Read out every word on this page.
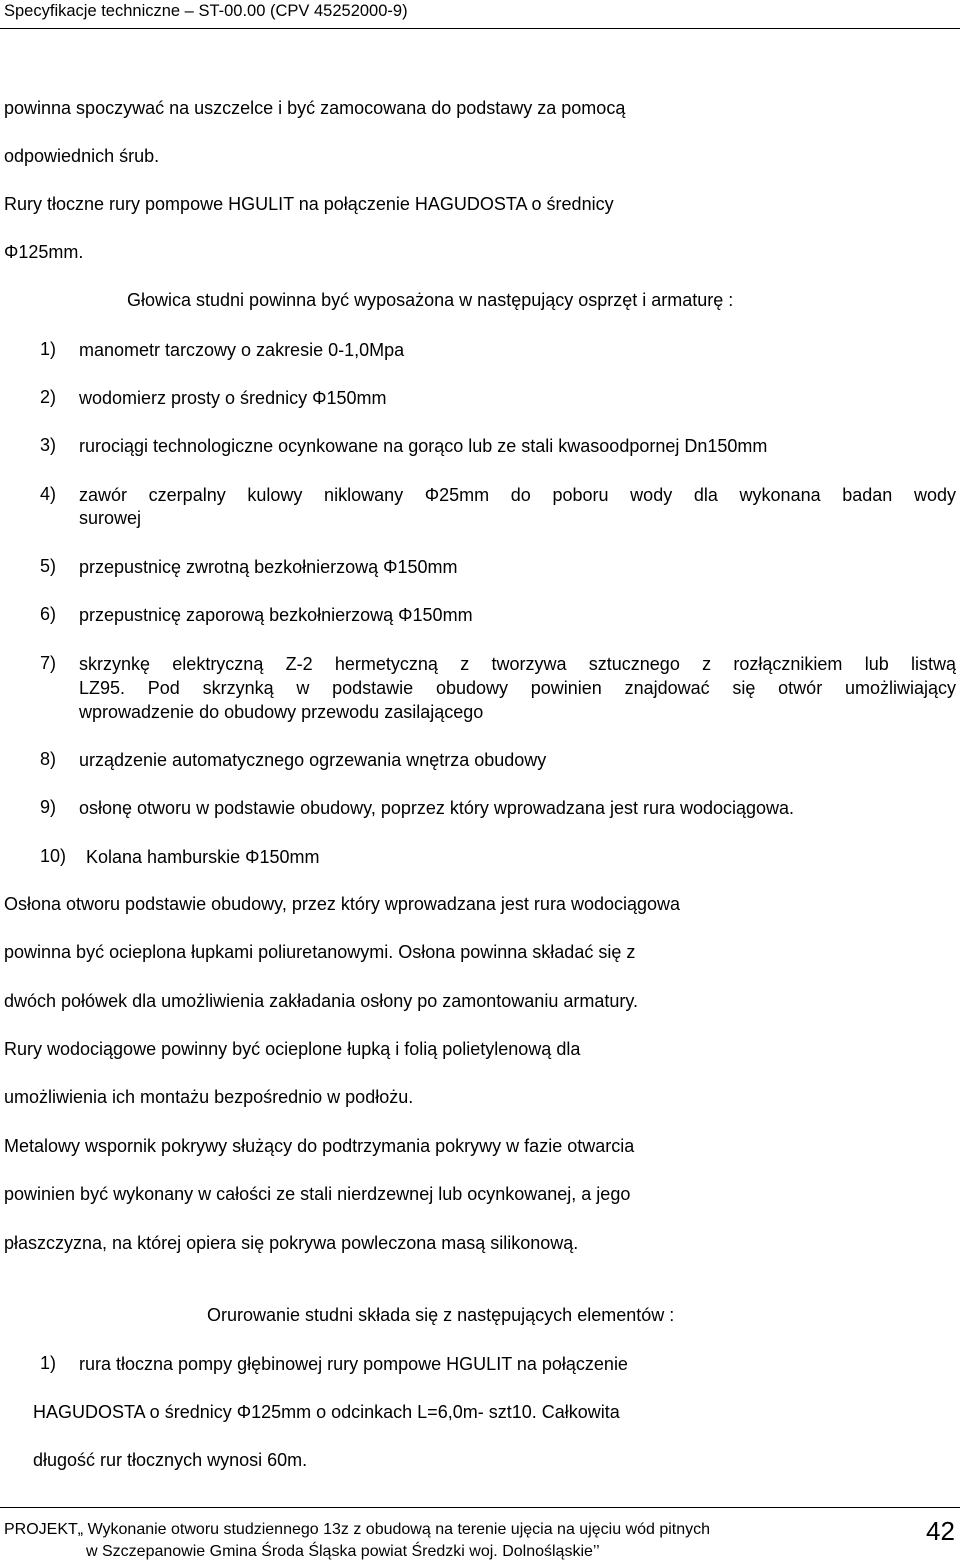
Specyfikacje techniczne – ST-00.00 (CPV 45252000-9)
powinna spoczywać na uszczelce i być zamocowana do podstawy za pomocą
odpowiednich śrub.
Rury tłoczne rury pompowe HGULIT na połączenie HAGUDOSTA o średnicy
Φ125mm.
Głowica studni powinna być wyposażona w następujący osprzęt i armaturę :
1) manometr tarczowy o zakresie 0-1,0Mpa
2) wodomierz prosty o średnicy Φ150mm
3) rurociągi technologiczne ocynkowane na gorąco lub ze stali kwasoodpornej Dn150mm
4) zawór czerpalny kulowy niklowany Φ25mm do poboru wody dla wykonana badan wody
surowej
5) przepustnicę zwrotną bezkołnierzową Φ150mm
6) przepustnicę zaporową bezkołnierzową Φ150mm
7) skrzynkę elektryczną Z-2 hermetyczną z tworzywa sztucznego z rozłącznikiem lub listwą
LZ95. Pod skrzynką w podstawie obudowy powinien znajdować się otwór umożliwiający
wprowadzenie do obudowy przewodu zasilającego
8) urządzenie automatycznego ogrzewania wnętrza obudowy
9) osłonę otworu w podstawie obudowy, poprzez który wprowadzana jest rura wodociągowa.
10) Kolana hamburskie Φ150mm
Osłona otworu podstawie obudowy, przez który wprowadzana jest rura wodociągowa
powinna być ocieplona łupkami poliuretanowymi. Osłona powinna składać się z
dwóch połówek dla umożliwienia zakładania osłony po zamontowaniu armatury.
Rury wodociągowe powinny być ocieplone łupką i folią polietylenową dla
umożliwienia ich montażu bezpośrednio w podłożu.
Metalowy wspornik pokrywy służący do podtrzymania pokrywy w fazie otwarcia
powinien być wykonany w całości ze stali nierdzewnej lub ocynkowanej, a jego
płaszczyzna, na której opiera się pokrywa powleczona masą silikonową.
Orurowanie studni składa się z następujących elementów :
1) rura tłoczna pompy głębinowej rury pompowe HGULIT na połączenie
HAGUDOSTA o średnicy Φ125mm o odcinkach L=6,0m- szt10. Całkowita
długość rur tłocznych wynosi 60m.
PROJEKT„ Wykonanie otworu studziennego 13z z obudową na terenie ujęcia na ujęciu wód pitnych
w Szczepanowie Gmina Środa Śląska powiat Średzki woj. Dolnośląskie’’
42
